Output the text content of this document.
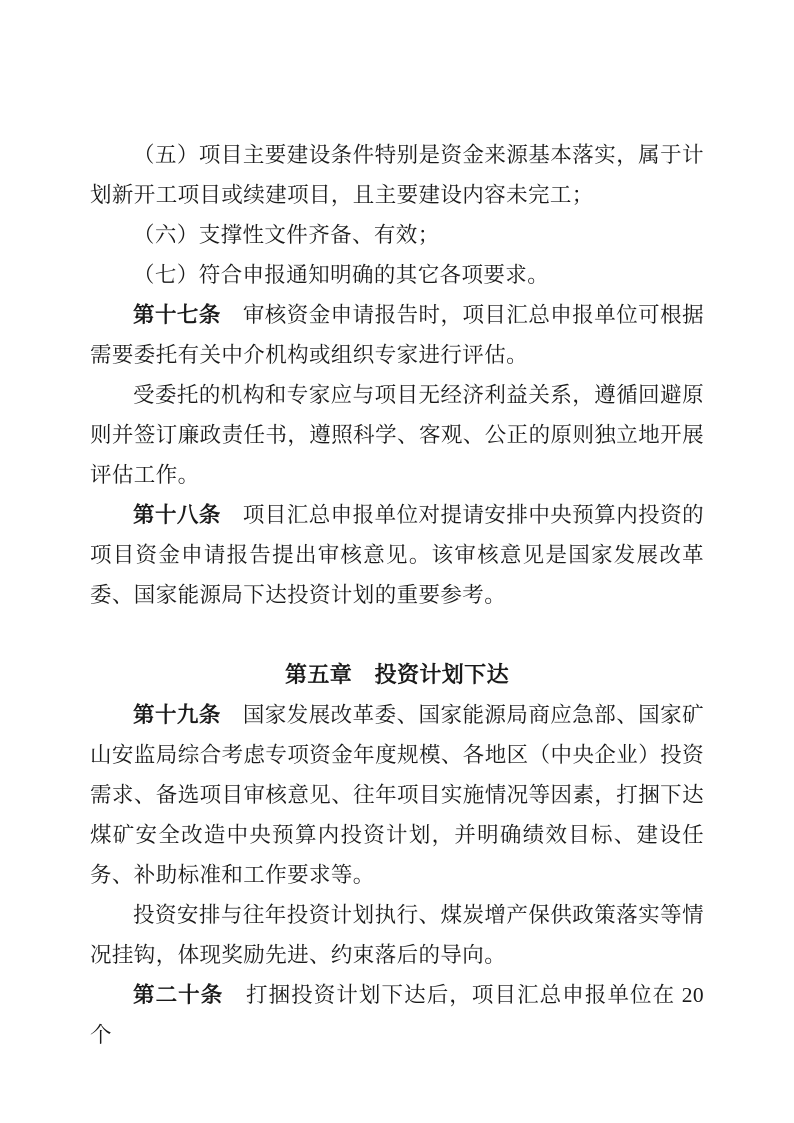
（五）项目主要建设条件特别是资金来源基本落实，属于计划新开工项目或续建项目，且主要建设内容未完工；

（六）支撑性文件齐备、有效；

（七）符合申报通知明确的其它各项要求。

第十七条　审核资金申请报告时，项目汇总申报单位可根据需要委托有关中介机构或组织专家进行评估。

受委托的机构和专家应与项目无经济利益关系，遵循回避原则并签订廉政责任书，遵照科学、客观、公正的原则独立地开展评估工作。

第十八条　项目汇总申报单位对提请安排中央预算内投资的项目资金申请报告提出审核意见。该审核意见是国家发展改革委、国家能源局下达投资计划的重要参考。

第五章　投资计划下达

第十九条　国家发展改革委、国家能源局商应急部、国家矿山安监局综合考虑专项资金年度规模、各地区（中央企业）投资需求、备选项目审核意见、往年项目实施情况等因素，打捆下达煤矿安全改造中央预算内投资计划，并明确绩效目标、建设任务、补助标准和工作要求等。

投资安排与往年投资计划执行、煤炭增产保供政策落实等情况挂钩，体现奖励先进、约束落后的导向。

第二十条　打捆投资计划下达后，项目汇总申报单位在 20 个
